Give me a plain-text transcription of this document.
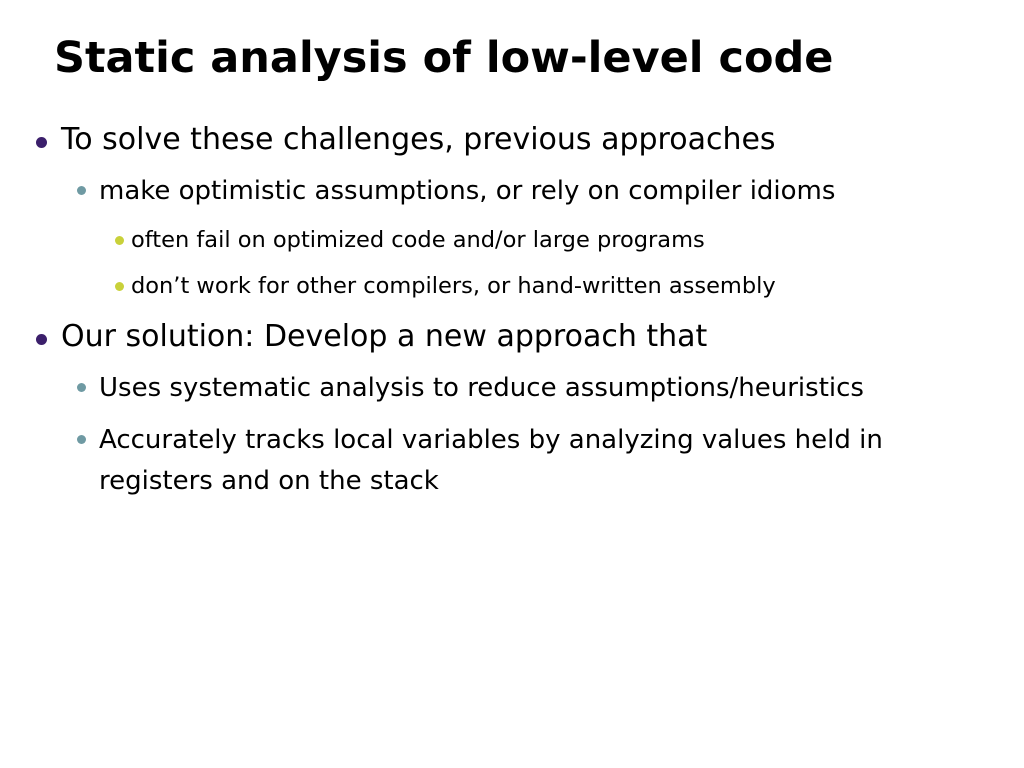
Static analysis of low-level code
To solve these challenges, previous approaches
make optimistic assumptions, or rely on compiler idioms
often fail on optimized code and/or large programs
don’t work for other compilers, or hand-written assembly
Our solution: Develop a new approach that
Uses systematic analysis to reduce assumptions/heuristics
Accurately tracks local variables by analyzing values held in registers and on the stack
